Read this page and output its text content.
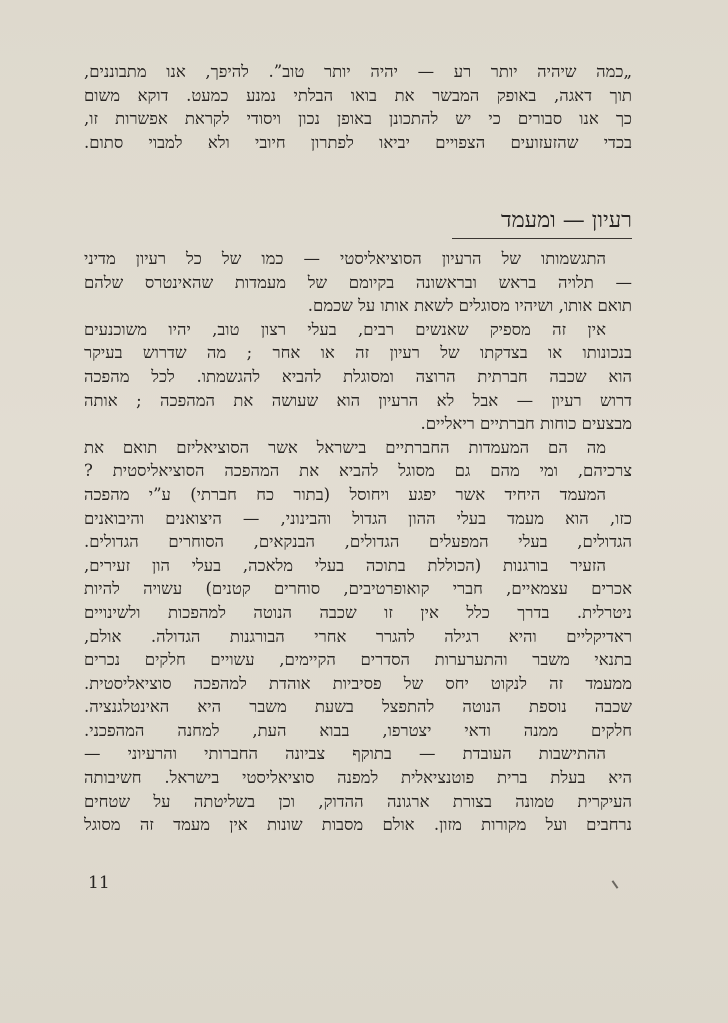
„כמה שיהיה יותר רע — יהיה יותר טוב”. להיפך, אנו מתבוננים,
תוך דאגה, באופק המבשר את בואו הבלתי נמנע כמעט. דוקא משום
כך אנו סבורים כי יש להתכונן באופן נכון ויסודי לקראת אפשרות זו,
בכדי שהזעזועים הצפויים יביאו לפתרון חיובי ולא למבוי סתום.
רעיון — ומעמד
התגשמותו של הרעיון הסוציאליסטי — כמו של כל רעיון מדיני
— תלויה בראש ובראשונה בקיומם של מעמדות שהאינטרס שלהם
תואם אותו, ושיהיו מסוגלים לשאת אותו על שכמם.
אין זה מספיק שאנשים רבים, בעלי רצון טוב, יהיו משוכנעים
בנכונותו או בצדקתו של רעיון זה או אחר ; מה שדרוש בעיקר
הוא שכבה חברתית הרוצה ומסוגלת להביא להגשמתו. לכל מהפכה
דרוש רעיון — אבל לא הרעיון הוא שעושה את המהפכה ; אותה
מבצעים כוחות חברתיים ריאליים.
מה הם המעמדות החברתיים בישראל אשר הסוציאליזם תואם את
צרכיהם, ומי מהם גם מסוגל להביא את המהפכה הסוציאליסטית ?
המעמד היחיד אשר יפגע ויחוסל (בתור כח חברתי) ע”י מהפכה
כזו, הוא מעמד בעלי ההון הגדול והבינוני, — היצואנים והיבואנים
הגדולים, בעלי המפעלים הגדולים, הבנקאים, הסוחרים הגדולים.
הזעיר בורגנות (הכוללת בתוכה בעלי מלאכה, בעלי הון זעירים,
אכרים עצמאיים, חברי קואופרטיבים, סוחרים קטנים) עשויה להיות
ניטרלית. בדרך כלל אין זו שכבה הנוטה למהפכות ולשינויים
ראדיקליים והיא רגילה להגרר אחרי הבורגנות הגדולה. אולם,
בתנאי משבר והתערערות הסדרים הקיימים, עשויים חלקים נכרים
ממעמד זה לנקוט יחס של פסיביות אוהדת למהפכה סוציאליסטית.
שכבה נוספת הנוטה להתפצל בשעת משבר היא האינטלגנציה.
חלקים ממנה ודאי יצטרפו, בבוא העת, למחנה המהפכני.
ההתישבות העובדת — בתוקף צביונה החברותי והרעיוני —
היא בעלת ברית פוטנציאלית למפנה סוציאליסטי בישראל. חשיבותה
העיקרית טמונה בצורת ארגונה ההדוק, וכן בשליטתה על שטחים
נרחבים ועל מקורות מזון. אולם מסבות שונות אין מעמד זה מסוגל
11
